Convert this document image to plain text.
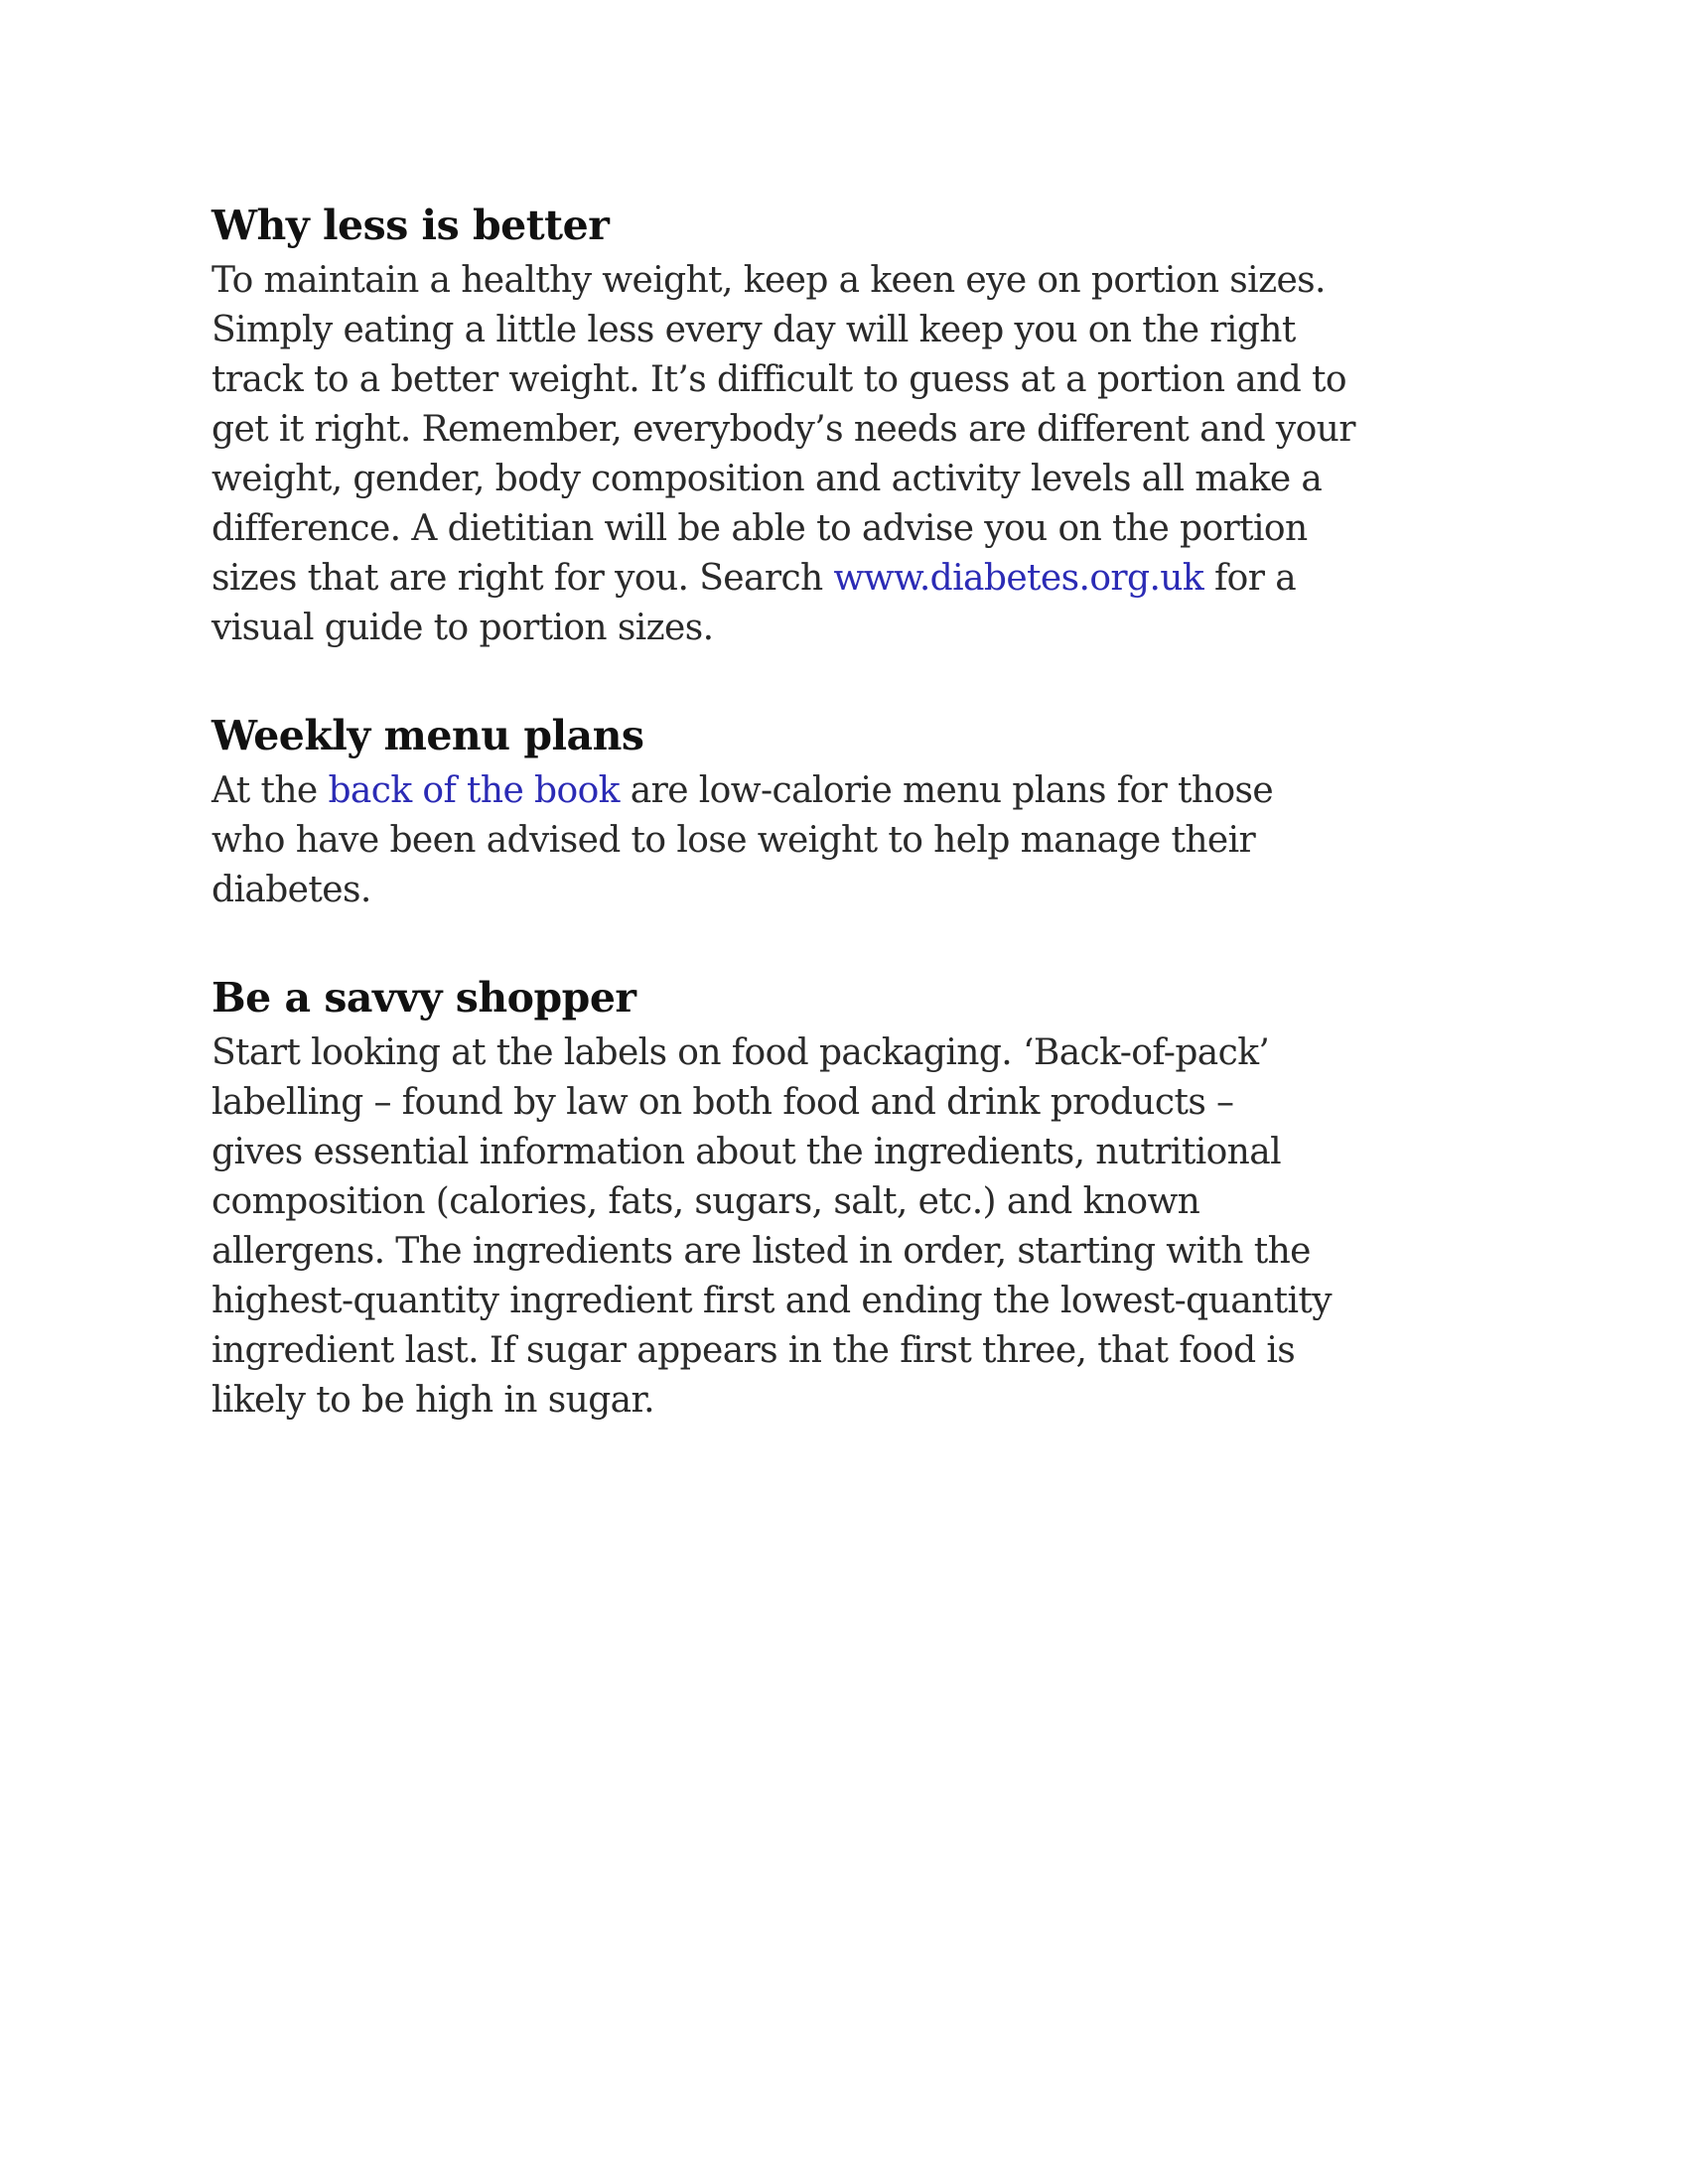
Why less is better
To maintain a healthy weight, keep a keen eye on portion sizes.
Simply eating a little less every day will keep you on the right
track to a better weight. It’s difficult to guess at a portion and to
get it right. Remember, everybody’s needs are different and your
weight, gender, body composition and activity levels all make a
difference. A dietitian will be able to advise you on the portion
sizes that are right for you. Search www.diabetes.org.uk for a
visual guide to portion sizes.
Weekly menu plans
At the back of the book are low-calorie menu plans for those
who have been advised to lose weight to help manage their
diabetes.
Be a savvy shopper
Start looking at the labels on food packaging. ‘Back-of-pack’
labelling – found by law on both food and drink products –
gives essential information about the ingredients, nutritional
composition (calories, fats, sugars, salt, etc.) and known
allergens. The ingredients are listed in order, starting with the
highest-quantity ingredient first and ending the lowest-quantity
ingredient last. If sugar appears in the first three, that food is
likely to be high in sugar.
